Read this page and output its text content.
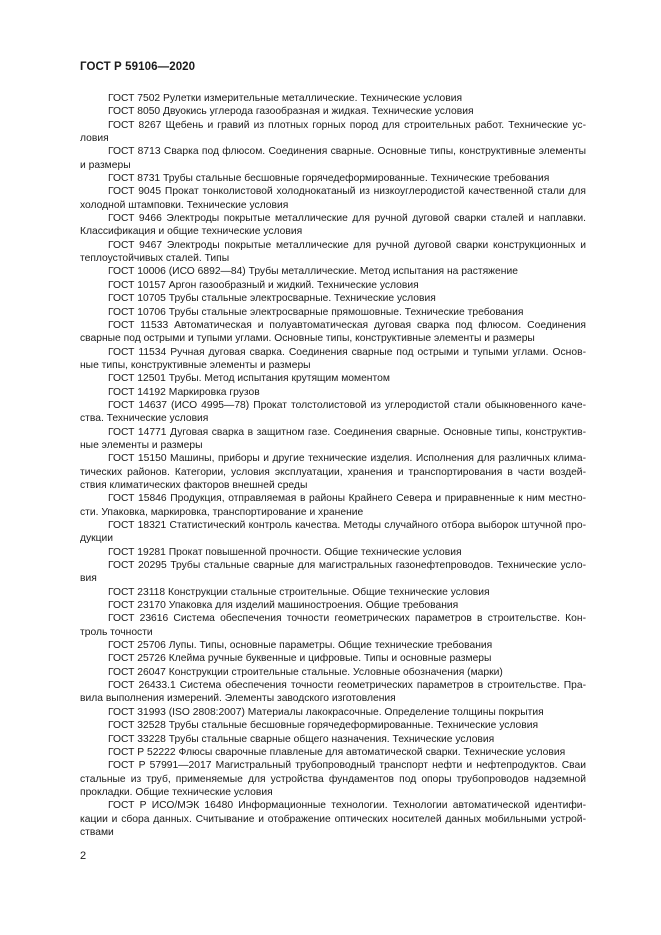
ГОСТ Р 59106—2020
ГОСТ 7502 Рулетки измерительные металлические. Технические условия
ГОСТ 8050 Двуокись углерода газообразная и жидкая. Технические условия
ГОСТ 8267 Щебень и гравий из плотных горных пород для строительных работ. Технические условия
ГОСТ 8713 Сварка под флюсом. Соединения сварные. Основные типы, конструктивные элементы и размеры
ГОСТ 8731 Трубы стальные бесшовные горячедеформированные. Технические требования
ГОСТ 9045 Прокат тонколистовой холоднокатаный из низкоуглеродистой качественной стали для холодной штамповки. Технические условия
ГОСТ 9466 Электроды покрытые металлические для ручной дуговой сварки сталей и наплавки. Классификация и общие технические условия
ГОСТ 9467 Электроды покрытые металлические для ручной дуговой сварки конструкционных и теплоустойчивых сталей. Типы
ГОСТ 10006 (ИСО 6892—84) Трубы металлические. Метод испытания на растяжение
ГОСТ 10157 Аргон газообразный и жидкий. Технические условия
ГОСТ 10705 Трубы стальные электросварные. Технические условия
ГОСТ 10706 Трубы стальные электросварные прямошовные. Технические требования
ГОСТ 11533 Автоматическая и полуавтоматическая дуговая сварка под флюсом. Соединения сварные под острыми и тупыми углами. Основные типы, конструктивные элементы и размеры
ГОСТ 11534 Ручная дуговая сварка. Соединения сварные под острыми и тупыми углами. Основные типы, конструктивные элементы и размеры
ГОСТ 12501 Трубы. Метод испытания крутящим моментом
ГОСТ 14192 Маркировка грузов
ГОСТ 14637 (ИСО 4995—78) Прокат толстолистовой из углеродистой стали обыкновенного качества. Технические условия
ГОСТ 14771 Дуговая сварка в защитном газе. Соединения сварные. Основные типы, конструктивные элементы и размеры
ГОСТ 15150 Машины, приборы и другие технические изделия. Исполнения для различных климатических районов. Категории, условия эксплуатации, хранения и транспортирования в части воздействия климатических факторов внешней среды
ГОСТ 15846 Продукция, отправляемая в районы Крайнего Севера и приравненные к ним местности. Упаковка, маркировка, транспортирование и хранение
ГОСТ 18321 Статистический контроль качества. Методы случайного отбора выборок штучной продукции
ГОСТ 19281 Прокат повышенной прочности. Общие технические условия
ГОСТ 20295 Трубы стальные сварные для магистральных газонефтепроводов. Технические условия
ГОСТ 23118 Конструкции стальные строительные. Общие технические условия
ГОСТ 23170 Упаковка для изделий машиностроения. Общие требования
ГОСТ 23616 Система обеспечения точности геометрических параметров в строительстве. Контроль точности
ГОСТ 25706 Лупы. Типы, основные параметры. Общие технические требования
ГОСТ 25726 Клейма ручные буквенные и цифровые. Типы и основные размеры
ГОСТ 26047 Конструкции строительные стальные. Условные обозначения (марки)
ГОСТ 26433.1 Система обеспечения точности геометрических параметров в строительстве. Правила выполнения измерений. Элементы заводского изготовления
ГОСТ 31993 (ISO 2808:2007) Материалы лакокрасочные. Определение толщины покрытия
ГОСТ 32528 Трубы стальные бесшовные горячедеформированные. Технические условия
ГОСТ 33228 Трубы стальные сварные общего назначения. Технические условия
ГОСТ Р 52222 Флюсы сварочные плавленые для автоматической сварки. Технические условия
ГОСТ Р 57991—2017 Магистральный трубопроводный транспорт нефти и нефтепродуктов. Сваи стальные из труб, применяемые для устройства фундаментов под опоры трубопроводов надземной прокладки. Общие технические условия
ГОСТ Р ИСО/МЭК 16480 Информационные технологии. Технологии автоматической идентификации и сбора данных. Считывание и отображение оптических носителей данных мобильными устройствами
2
